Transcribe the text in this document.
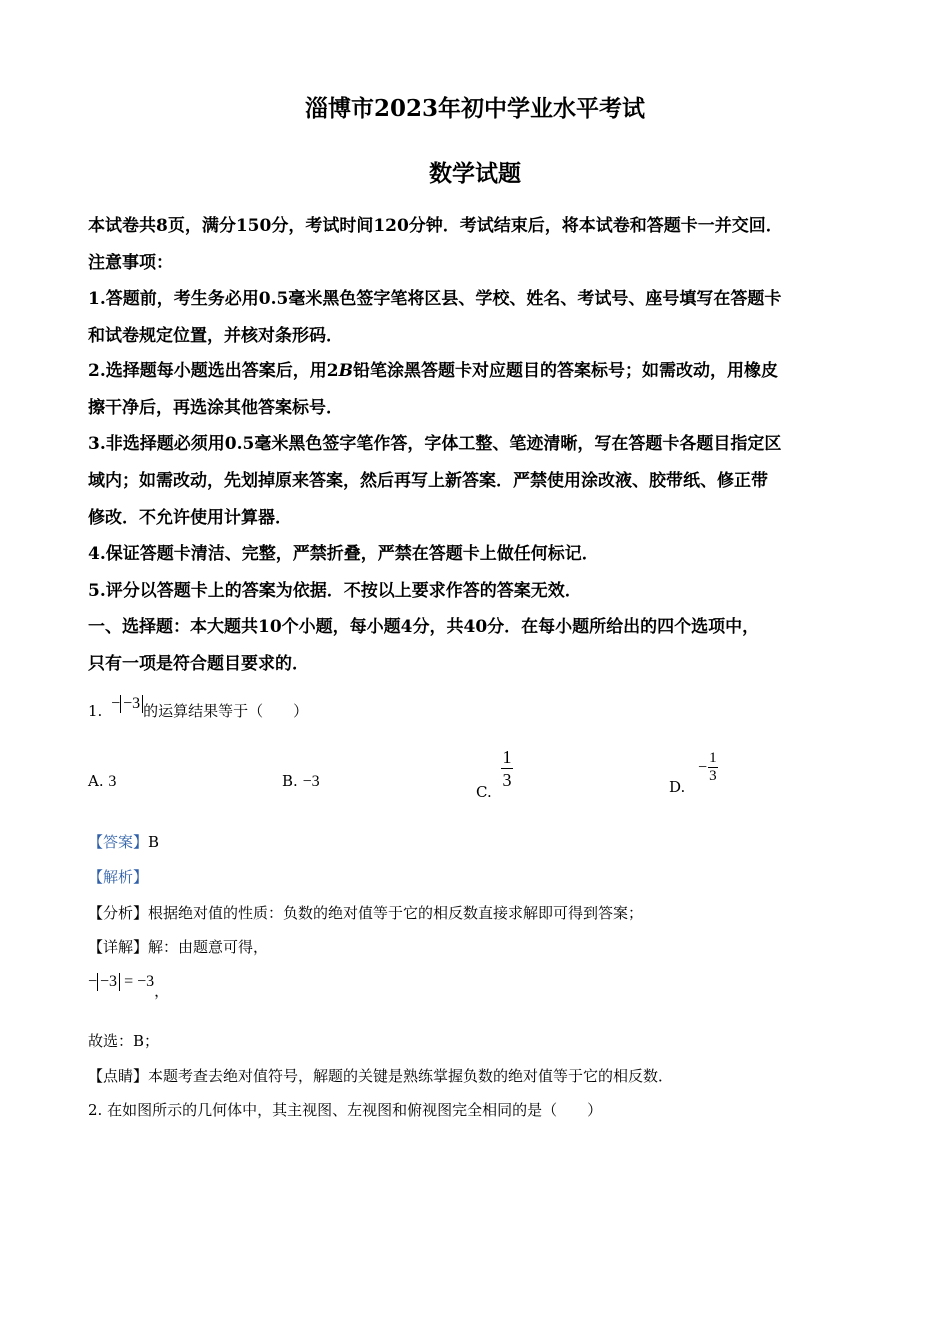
淄博市2023年初中学业水平考试
数学试题
本试卷共8页，满分150分，考试时间120分钟．考试结束后，将本试卷和答题卡一并交回．
注意事项：
1.答题前，考生务必用0.5毫米黑色签字笔将区县、学校、姓名、考试号、座号填写在答题卡
和试卷规定位置，并核对条形码．
2.选择题每小题选出答案后，用2B铅笔涂黑答题卡对应题目的答案标号；如需改动，用橡皮
擦干净后，再选涂其他答案标号．
3.非选择题必须用0.5毫米黑色签字笔作答，字体工整、笔迹清晰，写在答题卡各题目指定区
域内；如需改动，先划掉原来答案，然后再写上新答案．严禁使用涂改液、胶带纸、修正带
修改．不允许使用计算器．
4.保证答题卡清洁、完整，严禁折叠，严禁在答题卡上做任何标记．
5.评分以答题卡上的答案为依据．不按以上要求作答的答案无效．
一、选择题：本大题共10个小题，每小题4分，共40分．在每小题所给出的四个选项中，
只有一项是符合题目要求的．
1. − −3 的运算结果等于（　　）
A. 3	B. −3
C.
$\frac{1}{3}$	D. − $\frac{1}{3}$
【答案】B
【解析】
【分析】根据绝对值的性质：负数的绝对值等于它的相反数直接求解即可得到答案；
【详解】解：由题意可得，
− −3 = −3，
故选：B；
【点睛】本题考查去绝对值符号，解题的关键是熟练掌握负数的绝对值等于它的相反数．
2. 在如图所示的几何体中，其主视图、左视图和俯视图完全相同的是（　　）
